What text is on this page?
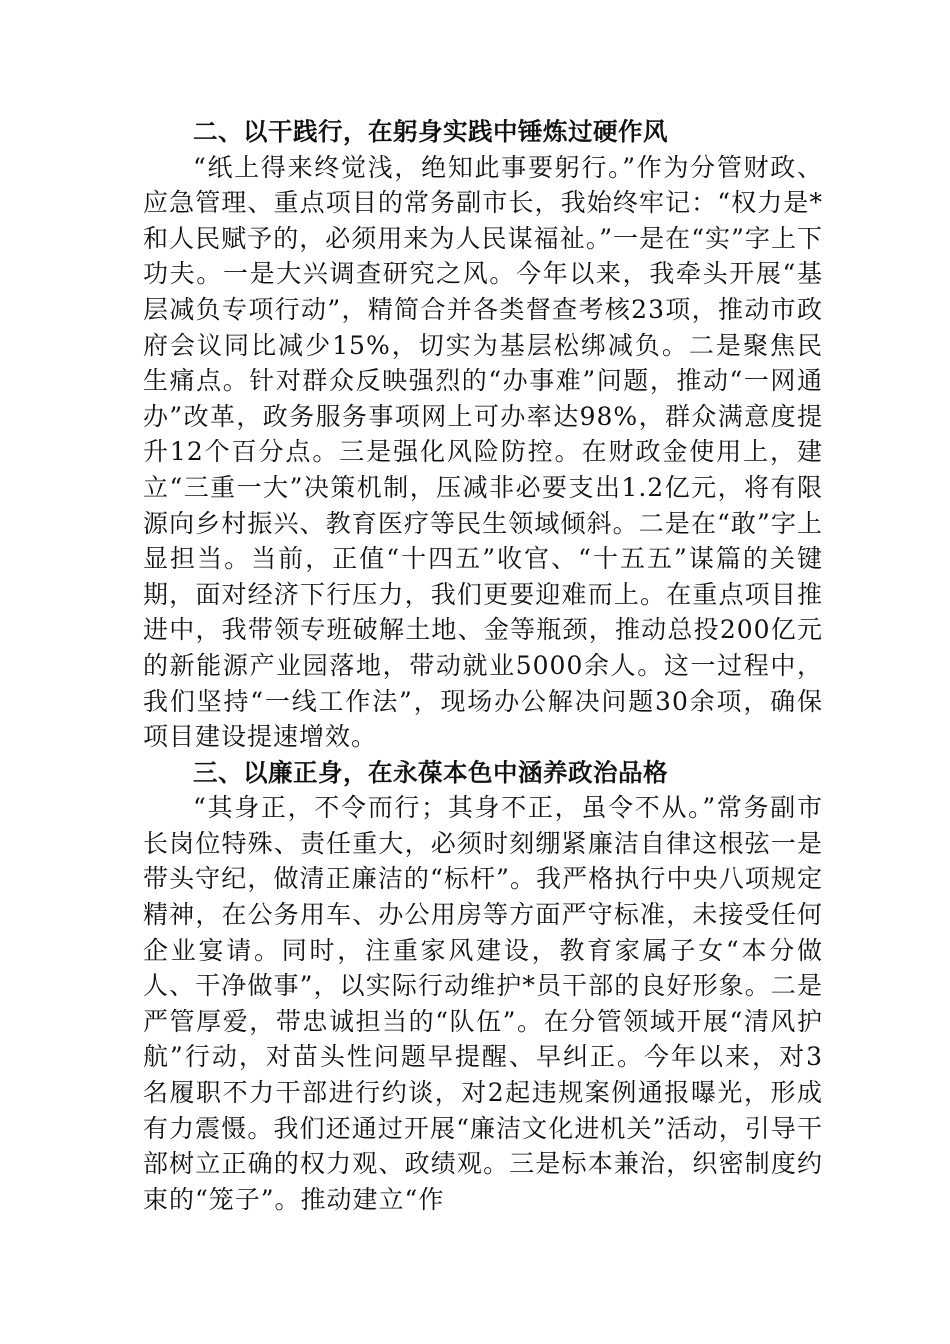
二、以干践行，在躬身实践中锤炼过硬作风

“纸上得来终觉浅，绝知此事要躬行。”作为分管财政、应急管理、重点项目的常务副市长，我始终牢记：“权力是*和人民赋予的，必须用来为人民谋福祉。”一是在“实”字上下功夫。一是大兴调查研究之风。今年以来，我牵头开展“基层减负专项行动”，精简合并各类督查考核23项，推动市政府会议同比减少15%，切实为基层松绑减负。二是聚焦民生痛点。针对群众反映强烈的“办事难”问题，推动“一网通办”改革，政务服务事项网上可办率达98%，群众满意度提升12个百分点。三是强化风险防控。在财政金使用上，建立“三重一大”决策机制，压减非必要支出1.2亿元，将有限源向乡村振兴、教育医疗等民生领域倾斜。二是在“敢”字上显担当。当前，正值“十四五”收官、“十五五”谋篇的关键期，面对经济下行压力，我们更要迎难而上。在重点项目推进中，我带领专班破解土地、金等瓶颈，推动总投200亿元的新能源产业园落地，带动就业5000余人。这一过程中，我们坚持“一线工作法”，现场办公解决问题30余项，确保项目建设提速增效。

三、以廉正身，在永葆本色中涵养政治品格

“其身正，不令而行；其身不正，虽令不从。”常务副市长岗位特殊、责任重大，必须时刻绷紧廉洁自律这根弦一是带头守纪，做清正廉洁的“标杆”。我严格执行中央八项规定精神，在公务用车、办公用房等方面严守标准，未接受任何企业宴请。同时，注重家风建设，教育家属子女“本分做人、干净做事”，以实际行动维护*员干部的良好形象。二是严管厚爱，带忠诚担当的“队伍”。在分管领域开展“清风护航”行动，对苗头性问题早提醒、早纠正。今年以来，对3名履职不力干部进行约谈，对2起违规案例通报曝光，形成有力震慑。我们还通过开展“廉洁文化进机关”活动，引导干部树立正确的权力观、政绩观。三是标本兼治，织密制度约束的“笼子”。推动建立“作
